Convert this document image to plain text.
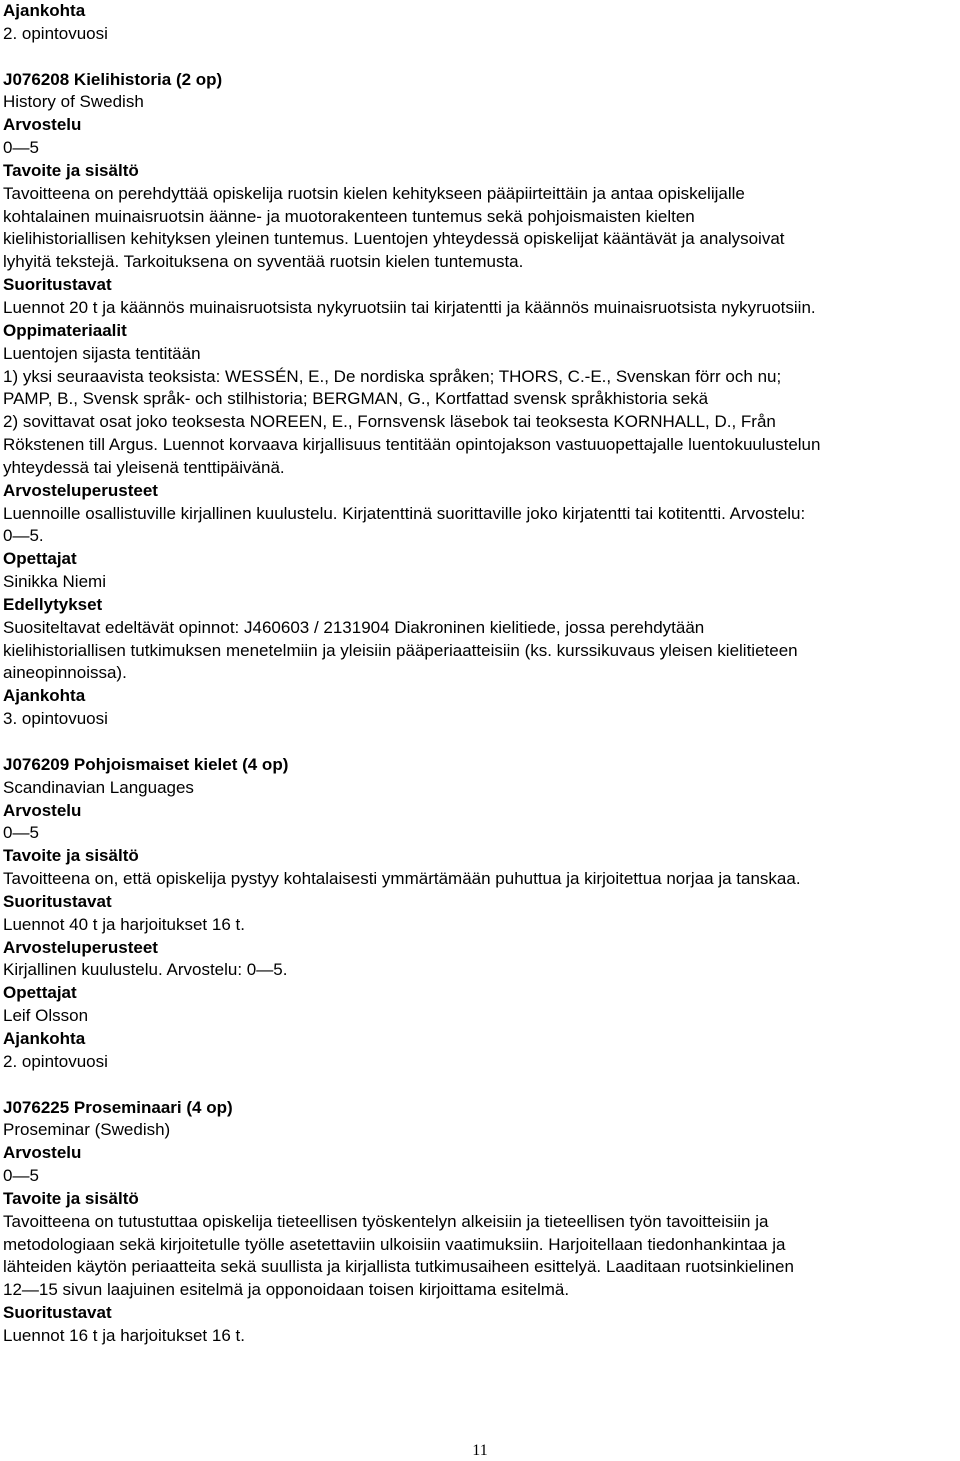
Ajankohta
2. opintovuosi
J076208 Kielihistoria (2 op)
History of Swedish
Arvostelu
0—5
Tavoite ja sisältö
Tavoitteena on perehdyttää opiskelija ruotsin kielen kehitykseen pääpiirteittäin ja antaa opiskelijalle
kohtalainen muinaisruotsin äänne- ja muotorakenteen tuntemus sekä pohjoismaisten kielten
kielihistoriallisen kehityksen yleinen tuntemus. Luentojen yhteydessä opiskelijat kääntävät ja analysoivat
lyhyitä tekstejä. Tarkoituksena on syventää ruotsin kielen tuntemusta.
Suoritustavat
Luennot 20 t ja käännös muinaisruotsista nykyruotsiin tai kirjatentti ja käännös muinaisruotsista nykyruotsiin.
Oppimateriaalit
Luentojen sijasta tentitään
1) yksi seuraavista teoksista: WESSÉN, E., De nordiska språken; THORS, C.-E., Svenskan förr och nu;
PAMP, B., Svensk språk- och stilhistoria; BERGMAN, G., Kortfattad svensk språkhistoria sekä
2) sovittavat osat joko teoksesta NOREEN, E., Fornsvensk läsebok tai teoksesta KORNHALL, D., Från
Rökstenen till Argus. Luennot korvaava kirjallisuus tentitään opintojakson vastuuopettajalle luentokuulustelun
yhteydessä tai yleisenä tenttipäivänä.
Arvosteluperusteet
Luennoille osallistuville kirjallinen kuulustelu. Kirjatenttinä suorittaville joko kirjatentti tai kotitentti. Arvostelu:
0—5.
Opettajat
Sinikka Niemi
Edellytykset
Suositeltavat edeltävät opinnot: J460603 / 2131904 Diakroninen kielitiede, jossa perehdytään
kielihistoriallisen tutkimuksen menetelmiin ja yleisiin pääperiaatteisiin (ks. kurssikuvaus yleisen kielitieteen
aineopinnoissa).
Ajankohta
3. opintovuosi
J076209 Pohjoismaiset kielet (4 op)
Scandinavian Languages
Arvostelu
0—5
Tavoite ja sisältö
Tavoitteena on, että opiskelija pystyy kohtalaisesti ymmärtämään puhuttua ja kirjoitettua norjaa ja tanskaa.
Suoritustavat
Luennot 40 t ja harjoitukset 16 t.
Arvosteluperusteet
Kirjallinen kuulustelu. Arvostelu: 0—5.
Opettajat
Leif Olsson
Ajankohta
2. opintovuosi
J076225 Proseminaari (4 op)
Proseminar (Swedish)
Arvostelu
0—5
Tavoite ja sisältö
Tavoitteena on tutustuttaa opiskelija tieteellisen työskentelyn alkeisiin ja tieteellisen työn tavoitteisiin ja
metodologiaan sekä kirjoitetulle työlle asetettaviin ulkoisiin vaatimuksiin. Harjoitellaan tiedonhankintaa ja
lähteiden käytön periaatteita sekä suullista ja kirjallista tutkimusaiheen esittelyä. Laaditaan ruotsinkielinen
12—15 sivun laajuinen esitelmä ja opponoidaan toisen kirjoittama esitelmä.
Suoritustavat
Luennot 16 t ja harjoitukset 16 t.
11
